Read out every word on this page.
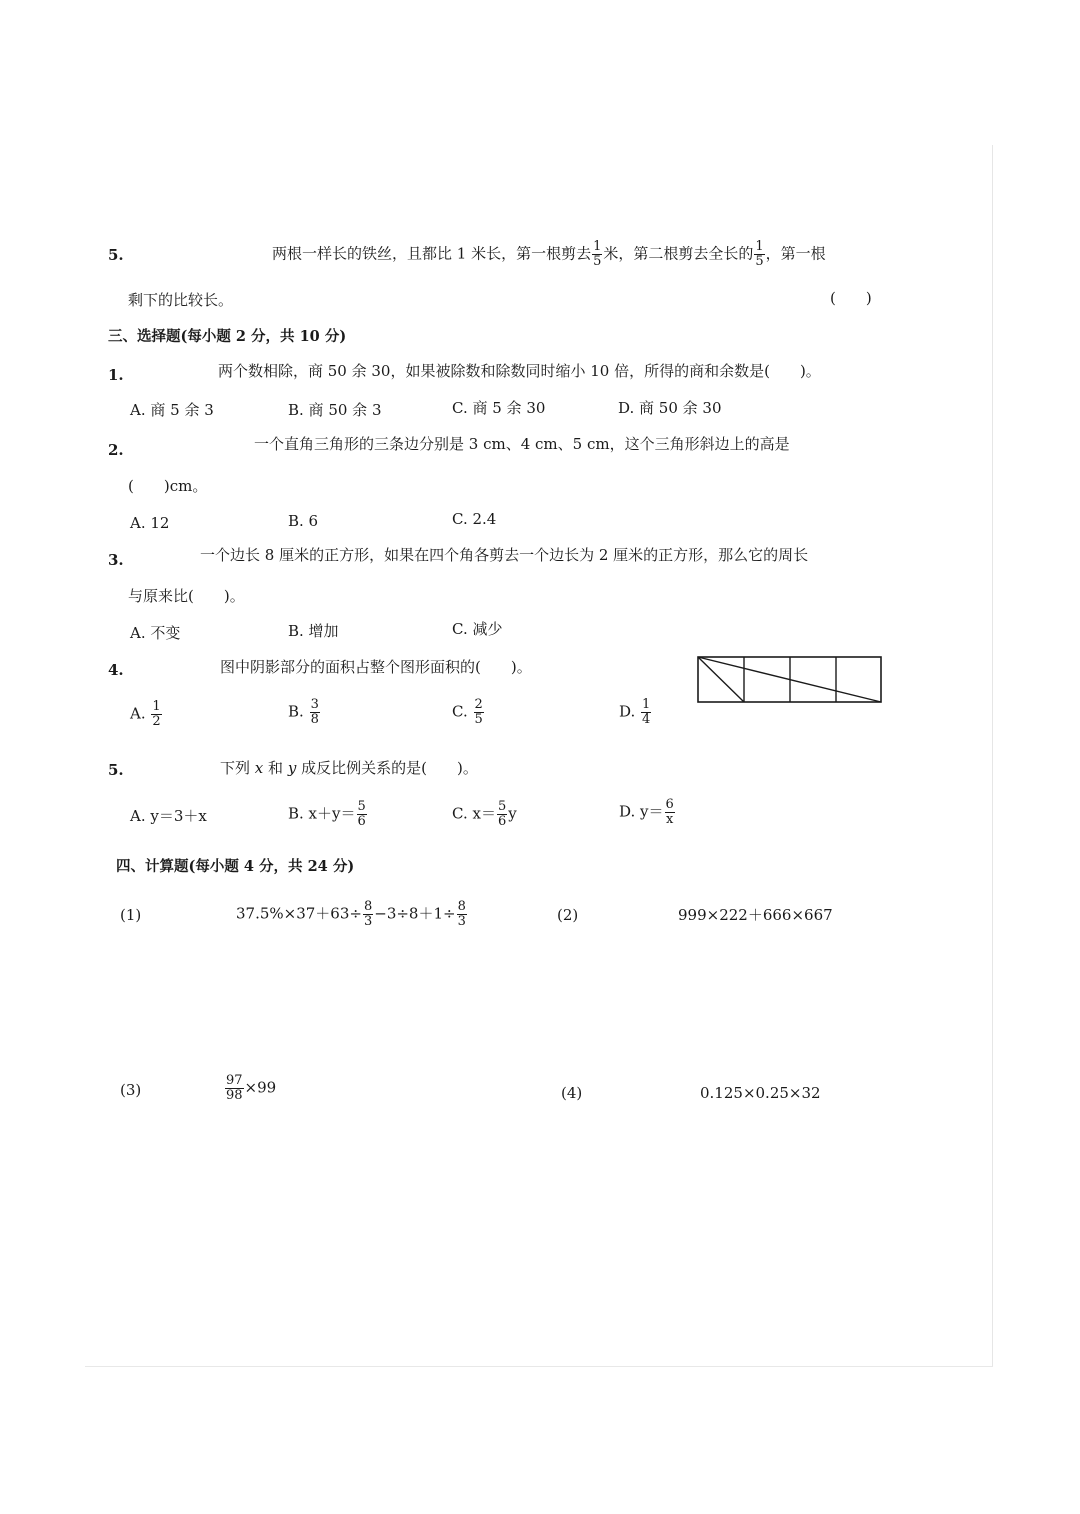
5.	两根一样长的铁丝，且都比 1 米长，第一根剪去 $\frac{1}{5}$ 米，第二根剪去全长的 $\frac{1}{5}$ ，第一根
剩下的比较长。	(　　)
三、选择题(每小题 2 分，共 10 分)
1.	两个数相除，商 50 余 30，如果被除数和除数同时缩小 10 倍，所得的商和余数是(　　)。
A. 商 5 余 3	B. 商 50 余 3	C. 商 5 余 30	D. 商 50 余 30
2.	一个直角三角形的三条边分别是 3 cm、4 cm、5 cm，这个三角形斜边上的高是
(　　)cm。
A. 12	B. 6	C. 2.4
3.	一个边长 8 厘米的正方形，如果在四个角各剪去一个边长为 2 厘米的正方形，那么它的周长
与原来比(　　)。
A. 不变	B. 增加	C. 减少
4.	图中阴影部分的面积占整个图形面积的(　　)。
A. $\frac{1}{2}$	B. $\frac{3}{8}$	C. $\frac{2}{5}$	D. $\frac{1}{4}$
5.	下列 x 和 y 成反比例关系的是(　　)。
A. y＝3＋x	B. $x+y= \frac{5}{6}$	C. $x= \frac{5}{6}$ y	D. $y= \frac{6}{x}$
四、计算题(每小题 4 分，共 24 分)
(1)	$37.5\%\times 37+63\div \frac{8}{3} -3\div 8+1\div \frac{8}{3}$	(2)	999×222＋666×667
(3)	$\frac{97}{98} \times 99$	(4)	0.125×0.25×32
